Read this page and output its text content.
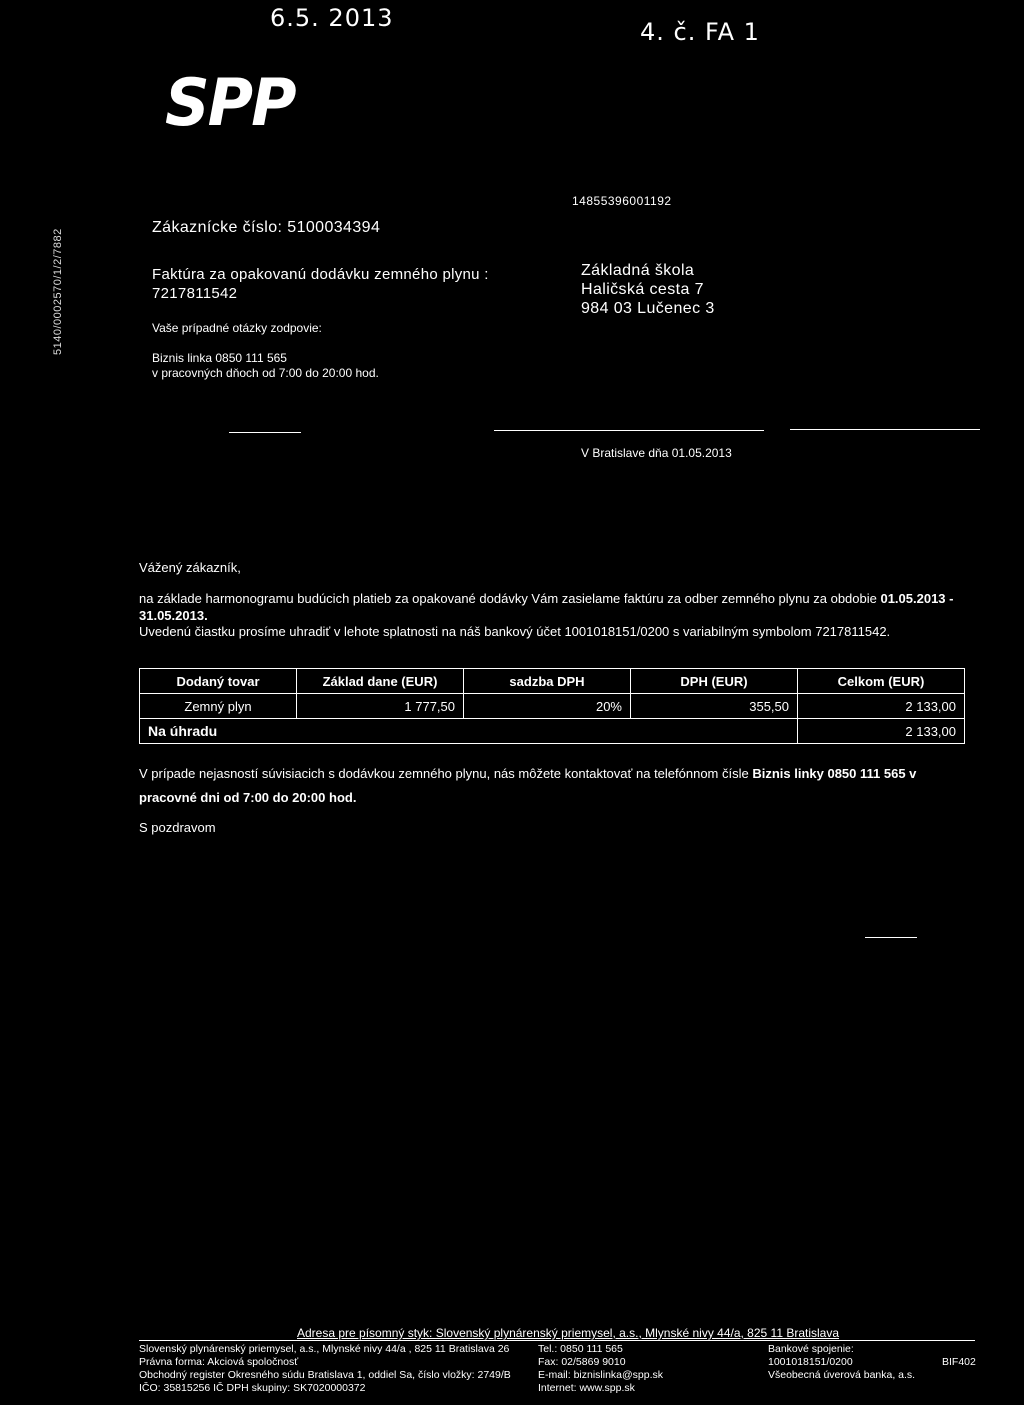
6.5. 2013	4. č. FA 1
SPP
5140/0002570/1/2/7882
14855396001192
Zákaznícke číslo: 5100034394
Faktúra za opakovanú dodávku zemného plynu :
7217811542
Vaše prípadné otázky zodpovie:
Biznis linka 0850 111 565
v pracovných dňoch od 7:00 do 20:00 hod.
Základná škola
Haličská cesta 7
984 03 Lučenec 3
V Bratislave dňa 01.05.2013
Vážený zákazník,
na základe harmonogramu budúcich platieb za opakované dodávky Vám zasielame faktúru za odber zemného plynu za obdobie 01.05.2013 -
31.05.2013.
Uvedenú čiastku prosíme uhradiť v lehote splatnosti na náš bankový účet 1001018151/0200 s variabilným symbolom 7217811542.
Dodaný tovar	Základ dane (EUR)	sadzba DPH	DPH (EUR)	Celkom (EUR)
Zemný plyn	1 777,50	20%	355,50	2 133,00
Na úhradu				2 133,00
V prípade nejasností súvisiacich s dodávkou zemného plynu, nás môžete kontaktovať na telefónnom čísle Biznis linky 0850 111 565 v
pracovné dni od 7:00 do 20:00 hod.
S pozdravom
Adresa pre písomný styk: Slovenský plynárenský priemysel, a.s., Mlynské nivy 44/a, 825 11 Bratislava
Slovenský plynárenský priemysel, a.s., Mlynské nivy 44/a , 825 11 Bratislava 26
Právna forma: Akciová spoločnosť
Obchodný register Okresného súdu Bratislava 1, oddiel Sa, číslo vložky: 2749/B
IČO: 35815256 IČ DPH skupiny: SK7020000372
Tel.: 0850 111 565
Fax: 02/5869 9010
E-mail: biznislinka@spp.sk
Internet: www.spp.sk
Bankové spojenie:
1001018151/0200
Všeobecná úverová banka, a.s.
BIF402
